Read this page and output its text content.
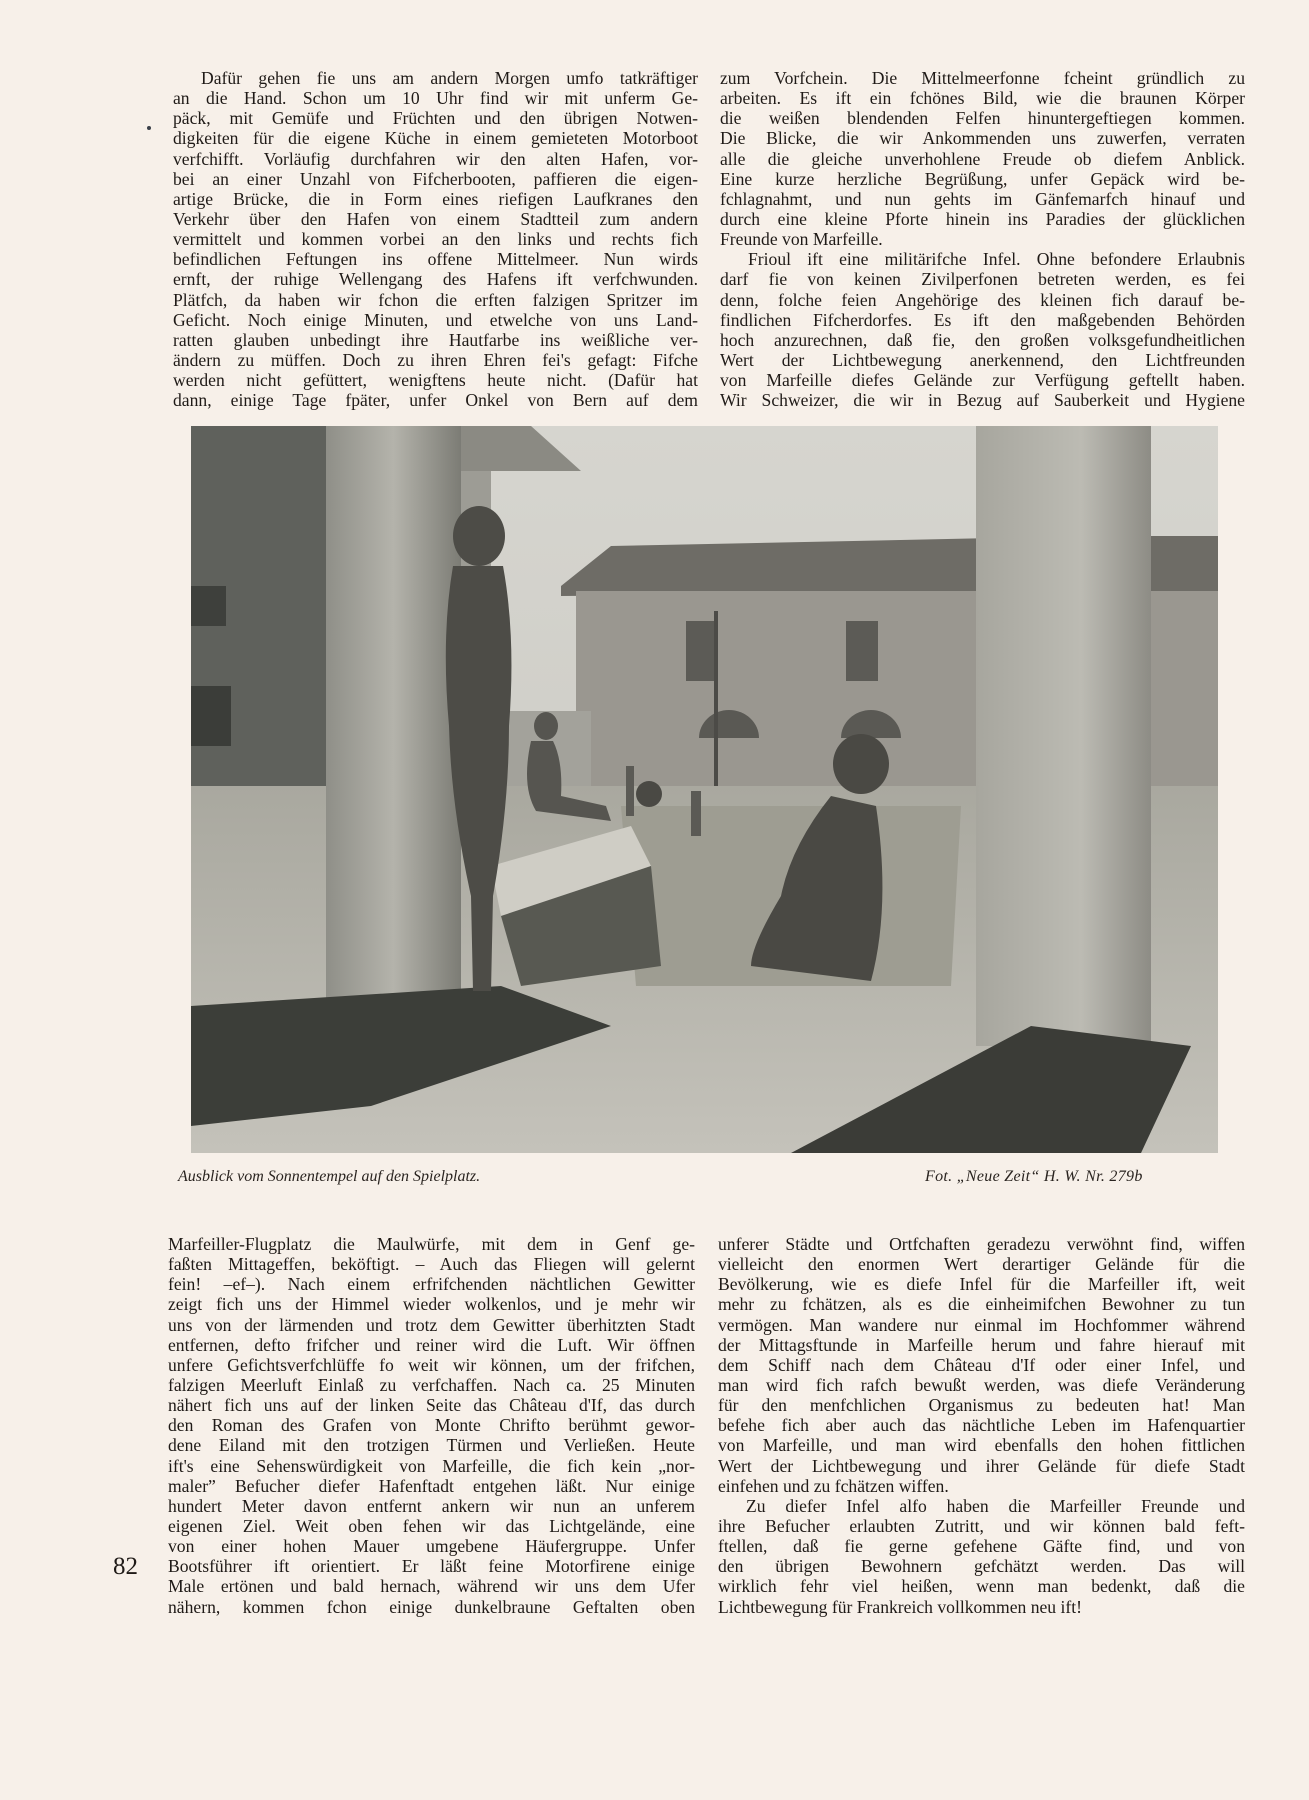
Dafür gehen fie uns am andern Morgen umfo tatkräftiger
an die Hand. Schon um 10 Uhr find wir mit unferm Ge-
päck, mit Gemüfe und Früchten und den übrigen Notwen-
digkeiten für die eigene Küche in einem gemieteten Motorboot
verfchifft. Vorläufig durchfahren wir den alten Hafen, vor-
bei an einer Unzahl von Fifcherbooten, paffieren die eigen-
artige Brücke, die in Form eines riefigen Laufkranes den
Verkehr über den Hafen von einem Stadtteil zum andern
vermittelt und kommen vorbei an den links und rechts fich
befindlichen Feftungen ins offene Mittelmeer. Nun wirds
ernft, der ruhige Wellengang des Hafens ift verfchwunden.
Plätfch, da haben wir fchon die erften falzigen Spritzer im
Geficht. Noch einige Minuten, und etwelche von uns Land-
ratten glauben unbedingt ihre Hautfarbe ins weißliche ver-
ändern zu müffen. Doch zu ihren Ehren fei's gefagt: Fifche
werden nicht gefüttert, wenigftens heute nicht. (Dafür hat
dann, einige Tage fpäter, unfer Onkel von Bern auf dem
zum Vorfchein. Die Mittelmeerfonne fcheint gründlich zu
arbeiten. Es ift ein fchönes Bild, wie die braunen Körper
die weißen blendenden Felfen hinuntergeftiegen kommen.
Die Blicke, die wir Ankommenden uns zuwerfen, verraten
alle die gleiche unverhohlene Freude ob diefem Anblick.
Eine kurze herzliche Begrüßung, unfer Gepäck wird be-
fchlagnahmt, und nun gehts im Gänfemarfch hinauf und
durch eine kleine Pforte hinein ins Paradies der glücklichen
Freunde von Marfeille.
Frioul ift eine militärifche Infel. Ohne befondere Erlaubnis
darf fie von keinen Zivilperfonen betreten werden, es fei
denn, folche feien Angehörige des kleinen fich darauf be-
findlichen Fifcherdorfes. Es ift den maßgebenden Behörden
hoch anzurechnen, daß fie, den großen volksgefundheitlichen
Wert der Lichtbewegung anerkennend, den Lichtfreunden
von Marfeille diefes Gelände zur Verfügung geftellt haben.
Wir Schweizer, die wir in Bezug auf Sauberkeit und Hygiene
Ausblick vom Sonnentempel auf den Spielplatz.	Fot. „Neue Zeit“ H. W. Nr. 279b
Marfeiller-Flugplatz die Maulwürfe, mit dem in Genf ge-
faßten Mittageffen, beköftigt. – Auch das Fliegen will gelernt
fein! –ef–). Nach einem erfrifchenden nächtlichen Gewitter
zeigt fich uns der Himmel wieder wolkenlos, und je mehr wir
uns von der lärmenden und trotz dem Gewitter überhitzten Stadt
entfernen, defto frifcher und reiner wird die Luft. Wir öffnen
unfere Gefichtsverfchlüffe fo weit wir können, um der frifchen,
falzigen Meerluft Einlaß zu verfchaffen. Nach ca. 25 Minuten
nähert fich uns auf der linken Seite das Château d'If, das durch
den Roman des Grafen von Monte Chrifto berühmt gewor-
dene Eiland mit den trotzigen Türmen und Verließen. Heute
ift's eine Sehenswürdigkeit von Marfeille, die fich kein „nor-
maler” Befucher diefer Hafenftadt entgehen läßt. Nur einige
hundert Meter davon entfernt ankern wir nun an unferem
eigenen Ziel. Weit oben fehen wir das Lichtgelände, eine
von einer hohen Mauer umgebene Häufergruppe. Unfer
Bootsführer ift orientiert. Er läßt feine Motorfirene einige
Male ertönen und bald hernach, während wir uns dem Ufer
nähern, kommen fchon einige dunkelbraune Geftalten oben
unferer Städte und Ortfchaften geradezu verwöhnt find, wiffen
vielleicht den enormen Wert derartiger Gelände für die
Bevölkerung, wie es diefe Infel für die Marfeiller ift, weit
mehr zu fchätzen, als es die einheimifchen Bewohner zu tun
vermögen. Man wandere nur einmal im Hochfommer während
der Mittagsftunde in Marfeille herum und fahre hierauf mit
dem Schiff nach dem Château d'If oder einer Infel, und
man wird fich rafch bewußt werden, was diefe Veränderung
für den menfchlichen Organismus zu bedeuten hat! Man
befehe fich aber auch das nächtliche Leben im Hafenquartier
von Marfeille, und man wird ebenfalls den hohen fittlichen
Wert der Lichtbewegung und ihrer Gelände für diefe Stadt
einfehen und zu fchätzen wiffen.
Zu diefer Infel alfo haben die Marfeiller Freunde und
ihre Befucher erlaubten Zutritt, und wir können bald feft-
ftellen, daß fie gerne gefehene Gäfte find, und von
den übrigen Bewohnern gefchätzt werden. Das will
wirklich fehr viel heißen, wenn man bedenkt, daß die
Lichtbewegung für Frankreich vollkommen neu ift!
82
